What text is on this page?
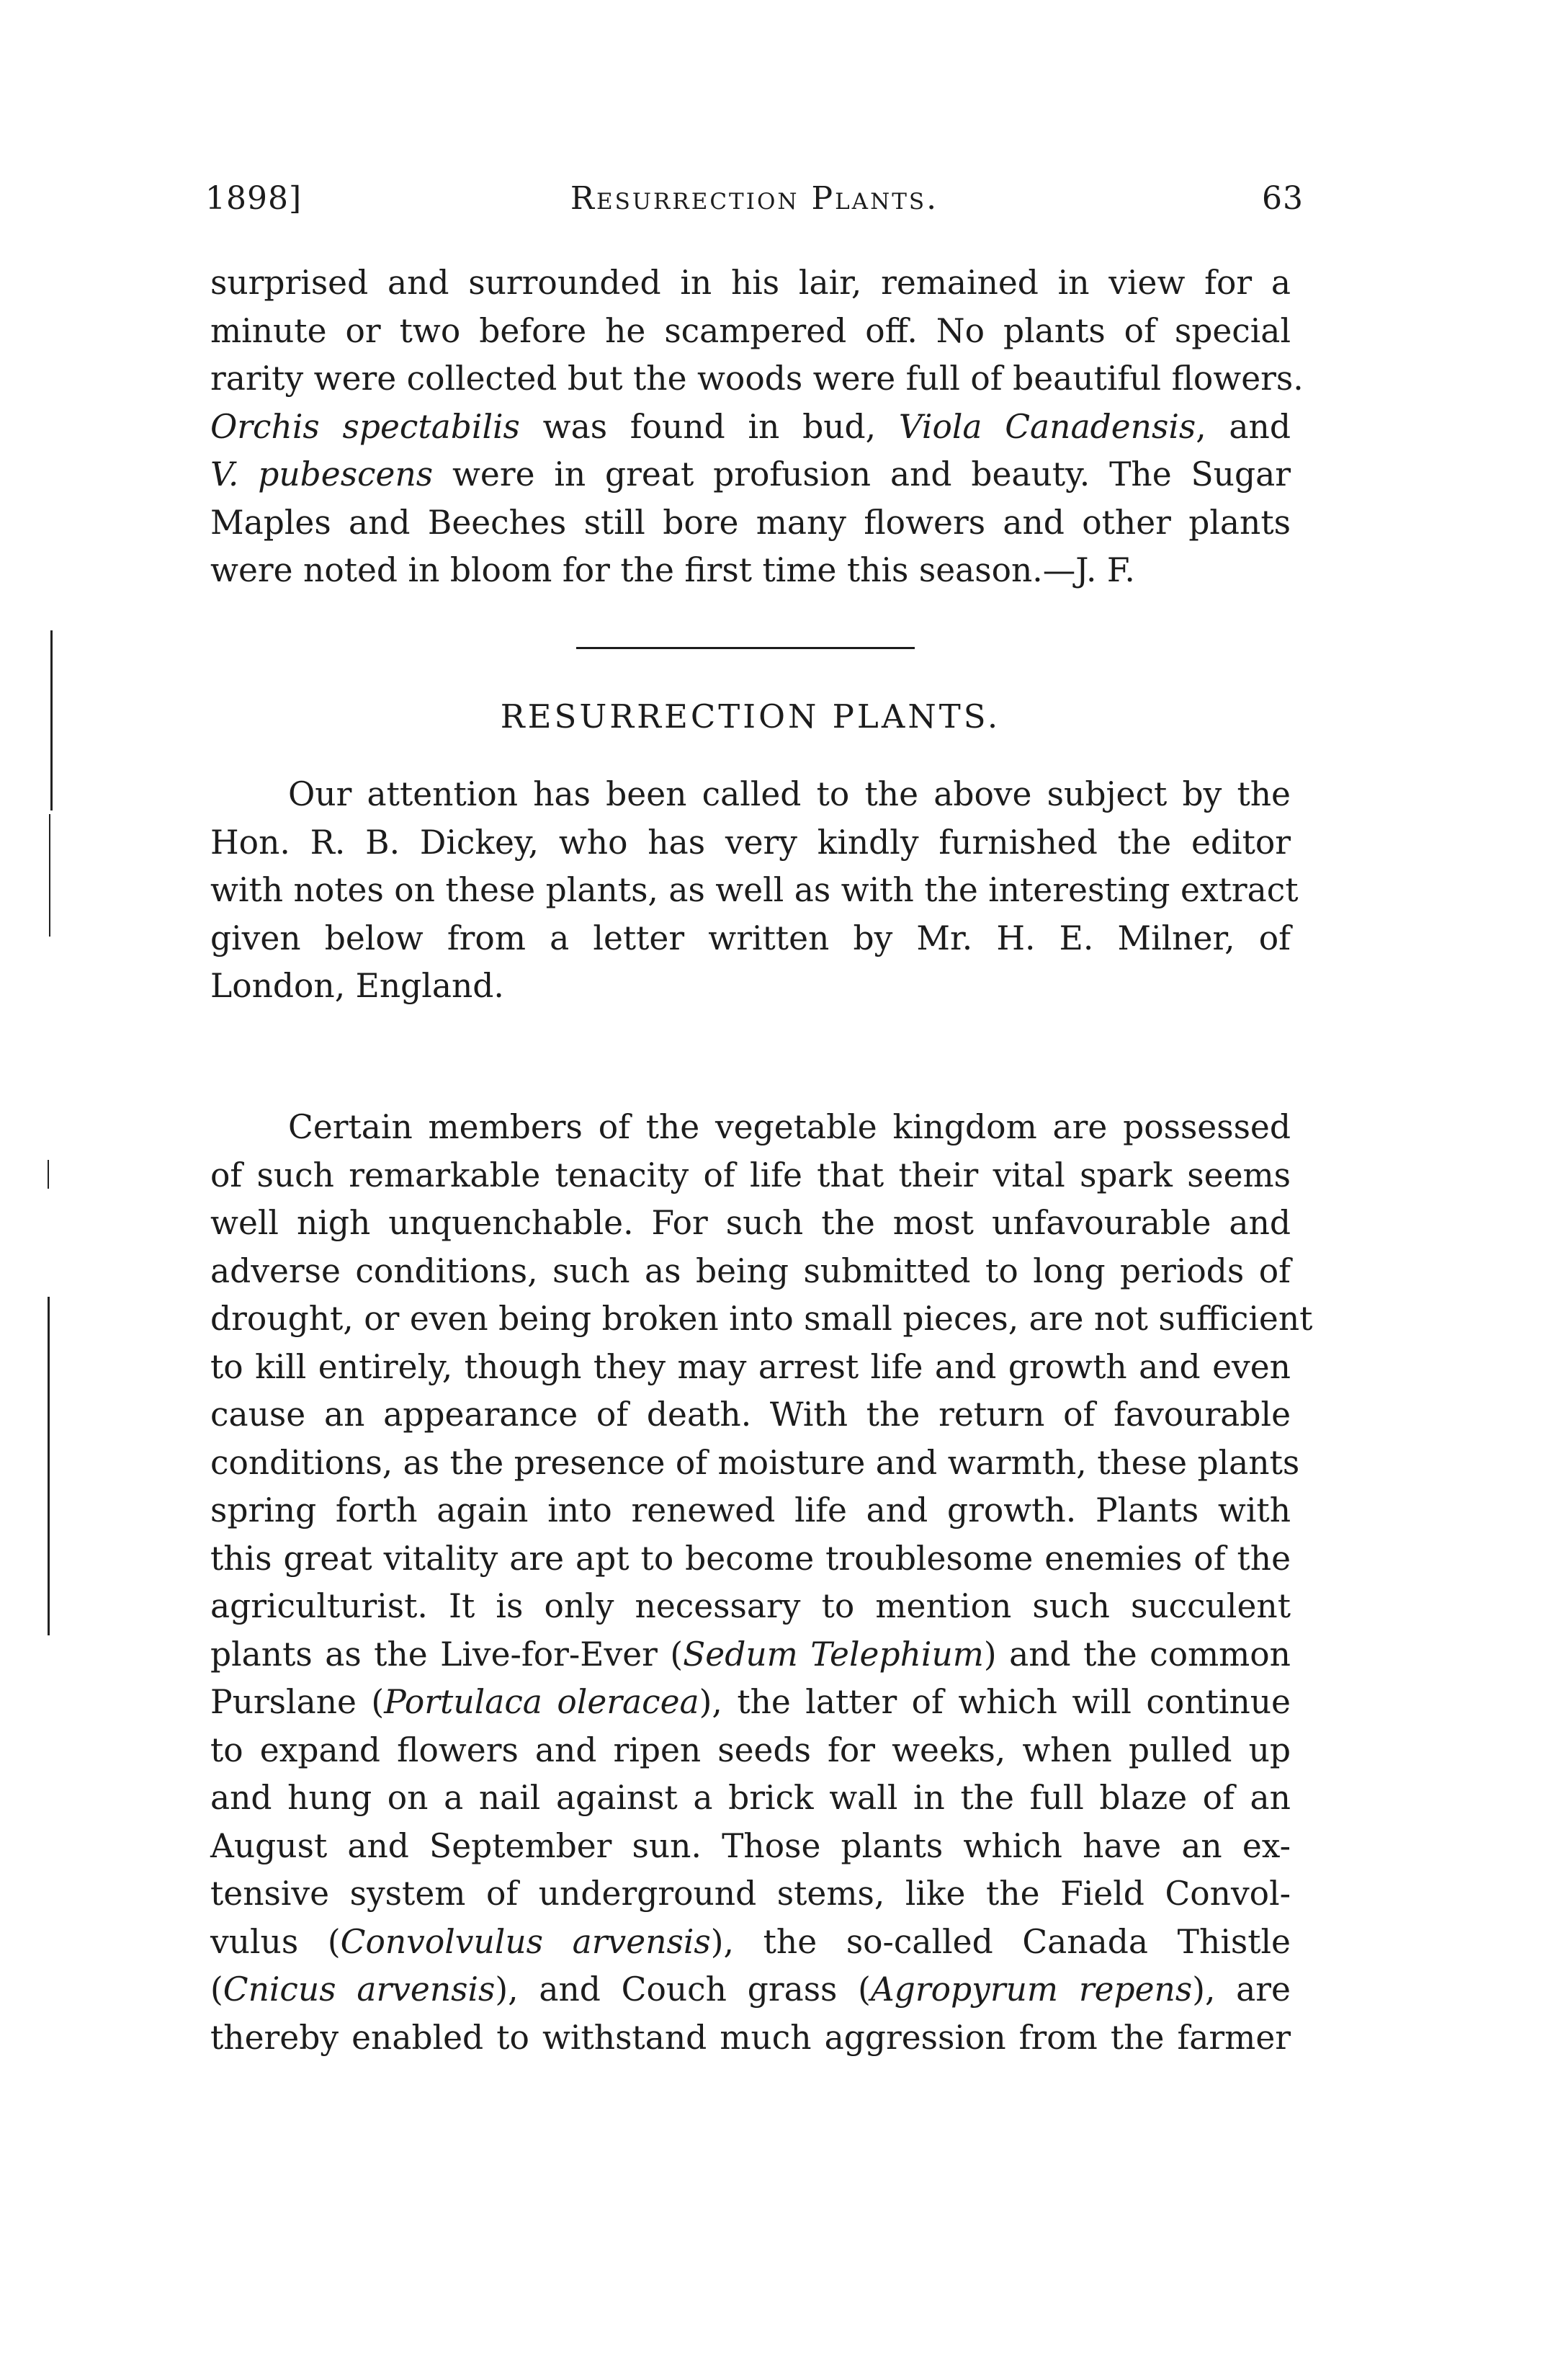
1898]	Resurrection Plants.	63
surprised and surrounded in his lair, remained in view for a
minute or two before he scampered off. No plants of special
rarity were collected but the woods were full of beautiful flowers.
Orchis spectabilis was found in bud, Viola Canadensis, and
V. pubescens were in great profusion and beauty. The Sugar
Maples and Beeches still bore many flowers and other plants
were noted in bloom for the first time this season.—J. F.
RESURRECTION PLANTS.
Our attention has been called to the above subject by the
Hon. R. B. Dickey, who has very kindly furnished the editor
with notes on these plants, as well as with the interesting extract
given below from a letter written by Mr. H. E. Milner, of
London, England.
Certain members of the vegetable kingdom are possessed
of such remarkable tenacity of life that their vital spark seems
well nigh unquenchable. For such the most unfavourable and
adverse conditions, such as being submitted to long periods of
drought, or even being broken into small pieces, are not sufficient
to kill entirely, though they may arrest life and growth and even
cause an appearance of death. With the return of favourable
conditions, as the presence of moisture and warmth, these plants
spring forth again into renewed life and growth. Plants with
this great vitality are apt to become troublesome enemies of the
agriculturist. It is only necessary to mention such succulent
plants as the Live-for-Ever (Sedum Telephium) and the common
Purslane (Portulaca oleracea), the latter of which will continue
to expand flowers and ripen seeds for weeks, when pulled up
and hung on a nail against a brick wall in the full blaze of an
August and September sun. Those plants which have an ex-
tensive system of underground stems, like the Field Convol-
vulus (Convolvulus arvensis), the so-called Canada Thistle
(Cnicus arvensis), and Couch grass (Agropyrum repens), are
thereby enabled to withstand much aggression from the farmer
